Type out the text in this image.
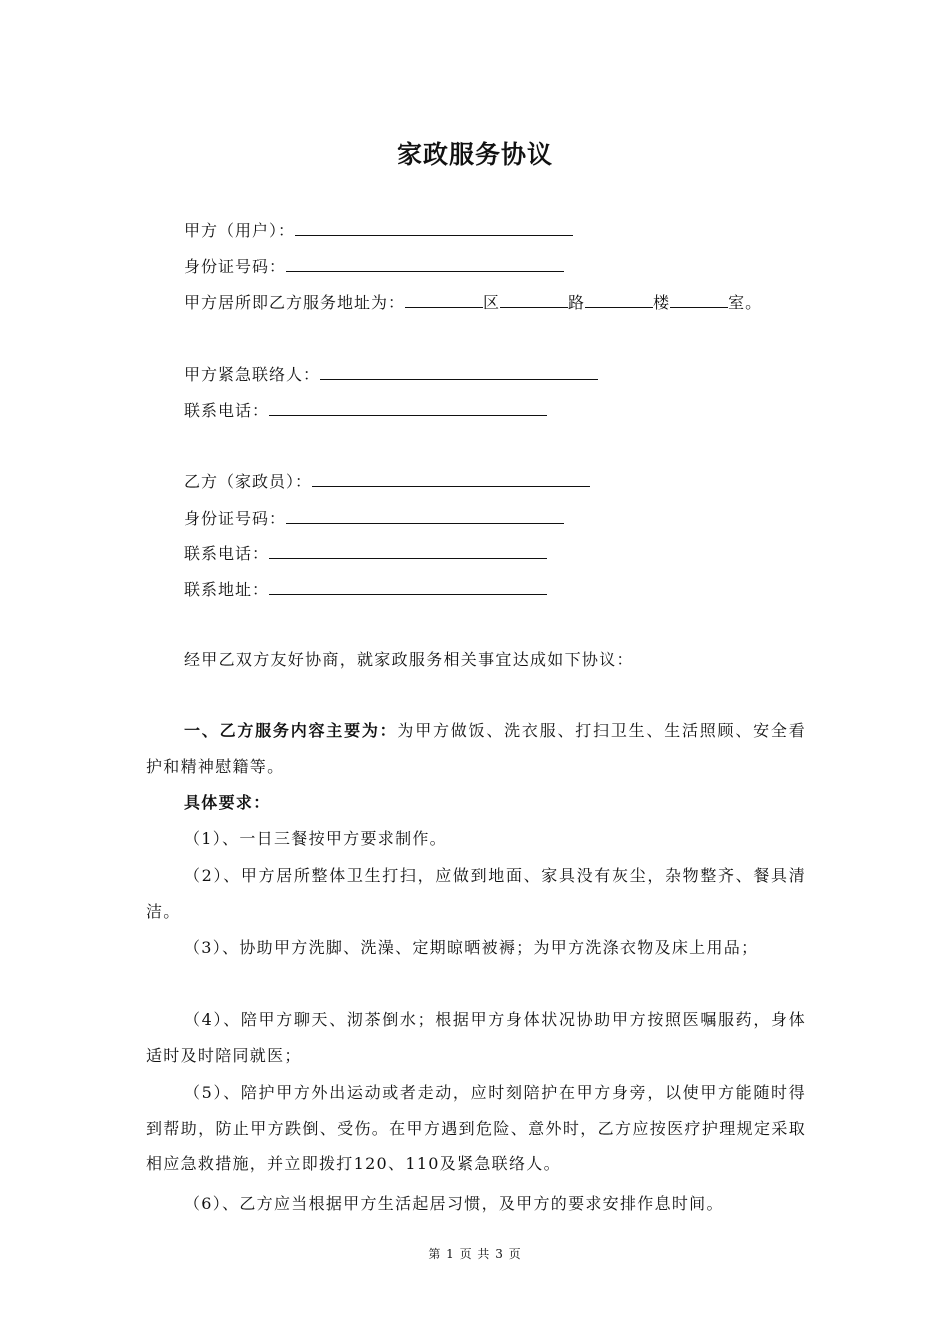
家政服务协议
甲方（用户）：
身份证号码：
甲方居所即乙方服务地址为：	区	路	楼	室。
甲方紧急联络人：
联系电话：
乙方（家政员）：
身份证号码：
联系电话：
联系地址：
经甲乙双方友好协商，就家政服务相关事宜达成如下协议：
一、乙方服务内容主要为：为甲方做饭、洗衣服、打扫卫生、生活照顾、安全看护和精神慰籍等。
具体要求：
（1）、一日三餐按甲方要求制作。
（2）、甲方居所整体卫生打扫，应做到地面、家具没有灰尘，杂物整齐、餐具清洁。
（3）、协助甲方洗脚、洗澡、定期晾晒被褥；为甲方洗涤衣物及床上用品；
（4）、陪甲方聊天、沏茶倒水；根据甲方身体状况协助甲方按照医嘱服药，身体适时及时陪同就医；
（5）、陪护甲方外出运动或者走动，应时刻陪护在甲方身旁，以使甲方能随时得到帮助，防止甲方跌倒、受伤。在甲方遇到危险、意外时，乙方应按医疗护理规定采取相应急救措施，并立即拨打120、110及紧急联络人。
（6）、乙方应当根据甲方生活起居习惯，及甲方的要求安排作息时间。
第 1 页 共 3 页
